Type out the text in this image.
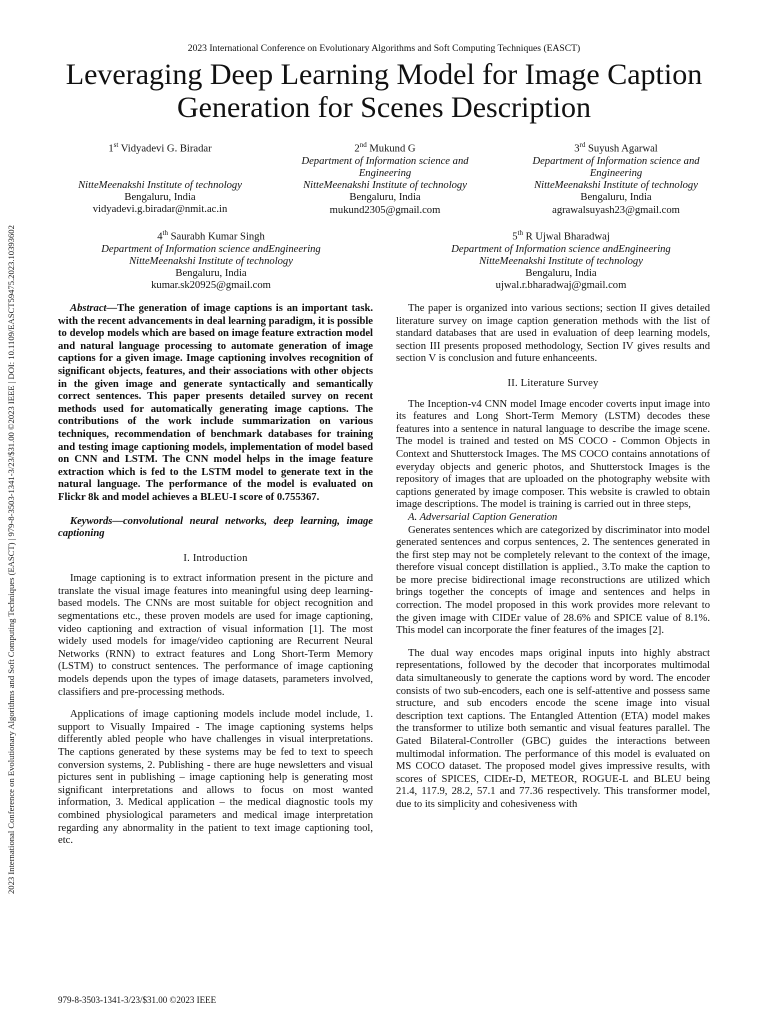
2023 International Conference on Evolutionary Algorithms and Soft Computing Techniques (EASCT) | 979-8-3503-1341-3/23/$31.00 ©2023 IEEE | DOI: 10.1109/EASCT59475.2023.10393602
2023 International Conference on Evolutionary Algorithms and Soft Computing Techniques (EASCT)
Leveraging Deep Learning Model for Image Caption Generation for Scenes Description
1st Vidyadevi G. Biradar
NitteMeenakshi Institute of technology
Bengaluru, India
vidyadevi.g.biradar@nmit.ac.in
2nd Mukund G
Department of Information science and Engineering
NitteMeenakshi Institute of technology
Bengaluru, India
mukund2305@gmail.com
3rd Suyush Agarwal
Department of Information science and Engineering
NitteMeenakshi Institute of technology
Bengaluru, India
agrawalsuyash23@gmail.com
4th Saurabh Kumar Singh
Department of Information science andEngineering
NitteMeenakshi Institute of technology
Bengaluru, India
kumar.sk20925@gmail.com
5th R Ujwal Bharadwaj
Department of Information science andEngineering
NitteMeenakshi Institute of technology
Bengaluru, India
ujwal.r.bharadwaj@gmail.com

Abstract—The generation of image captions is an important task. with the recent advancements in deal learning paradigm, it is possible to develop models which are based on image feature extraction model and natural language processing to automate generation of image captions for a given image. Image captioning involves recognition of significant objects, features, and their associations with other objects in the given image and generate syntactically and semantically correct sentences. This paper presents detailed survey on recent methods used for automatically generating image captions. The contributions of the work include summarization on various techniques, recommendation of benchmark databases for training and testing image captioning models, implementation of model based on CNN and LSTM. The CNN model helps in the image feature extraction which is fed to the LSTM model to generate text in the natural language. The performance of the model is evaluated on Flickr 8k and model achieves a BLEU-I score of 0.755367.

Keywords—convolutional neural networks, deep learning, image captioning

I. Introduction

Image captioning is to extract information present in the picture and translate the visual image features into meaningful using deep learning-based models. The CNNs are most suitable for object recognition and segmentations etc., these proven models are used for image captioning, video captioning and extraction of visual information [1]. The most widely used models for image/video captioning are Recurrent Neural Networks (RNN) to extract features and Long Short-Term Memory (LSTM) to construct sentences. The performance of image captioning models depends upon the types of image datasets, parameters involved, classifiers and pre-processing methods.

Applications of image captioning models include model include, 1. support to Visually Impaired - The image captioning systems helps differently abled people who have challenges in visual interpretations. The captions generated by these systems may be fed to text to speech conversion systems, 2. Publishing - there are huge newsletters and visual pictures sent in publishing – image captioning help is generating most significant interpretations and allows to focus on most wanted information, 3. Medical application – the medical diagnostic tools my combined physiological parameters and medical image interpretation regarding any abnormality in the patient to text image captioning tool, etc.

The paper is organized into various sections; section II gives detailed literature survey on image caption generation methods with the list of standard databases that are used in evaluation of deep learning models, section III presents proposed methodology, Section IV gives results and section V is conclusion and future enhanceents.

II. Literature Survey

The Inception-v4 CNN model Image encoder coverts input image into its features and Long Short-Term Memory (LSTM) decodes these features into a sentence in natural language to describe the image scene. The model is trained and tested on MS COCO - Common Objects in Context and Shutterstock Images. The MS COCO contains annotations of everyday objects and generic photos, and Shutterstock Images is the repository of images that are uploaded on the photography website with captions generated by image composer. This website is crawled to obtain image descriptions. The model is training is carried out in three steps,

A. Adversarial Caption Generation

Generates sentences which are categorized by discriminator into model generated sentences and corpus sentences, 2. The sentences generated in the first step may not be completely relevant to the context of the image, therefore visual concept distillation is applied., 3.To make the caption to be more precise bidirectional image reconstructions are utilized which brings together the concepts of image and sentences and helps in correction. The model proposed in this work provides more relevant to the given image with CIDEr value of 28.6% and SPICE value of 8.1%. This model can incorporate the finer features of the images [2].

The dual way encodes maps original inputs into highly abstract representations, followed by the decoder that incorporates multimodal data simultaneously to generate the captions word by word. The encoder consists of two sub-encoders, each one is self-attentive and possess same structure, and sub encoders encode the scene image into visual description text captions. The Entangled Attention (ETA) model makes the transformer to utilize both semantic and visual features parallel. The Gated Bilateral-Controller (GBC) guides the interactions between multimodal information. The performance of this model is evaluated on MS COCO dataset. The proposed model gives impressive results, with scores of SPICES, CIDEr-D, METEOR, ROGUE-L and BLEU being 21.4, 117.9, 28.2, 57.1 and 77.36 respectively. This transformer model, due to its simplicity and cohesiveness with

979-8-3503-1341-3/23/$31.00 ©2023 IEEE
